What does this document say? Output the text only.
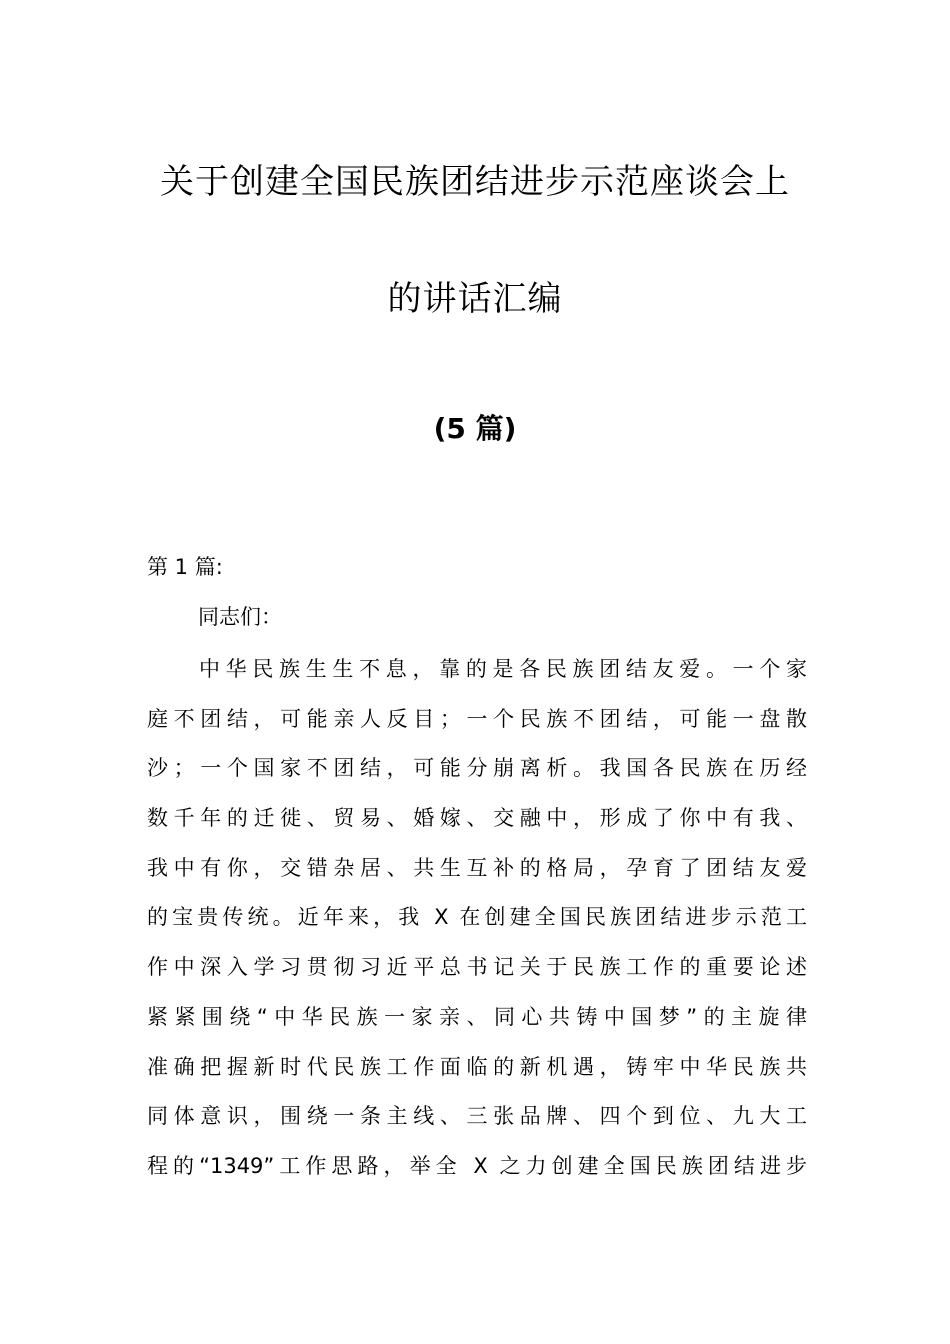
关于创建全国民族团结进步示范座谈会上
的讲话汇编
(5 篇)
第 1 篇:
同志们：
中华民族生生不息，靠的是各民族团结友爱。一个家
庭不团结，可能亲人反目；一个民族不团结，可能一盘散
沙；一个国家不团结，可能分崩离析。我国各民族在历经
数千年的迁徙、贸易、婚嫁、交融中，形成了你中有我、
我中有你，交错杂居、共生互补的格局，孕育了团结友爱
的宝贵传统。近年来，我 X 在创建全国民族团结进步示范工
作中深入学习贯彻习近平总书记关于民族工作的重要论述
紧紧围绕“中华民族一家亲、同心共铸中国梦”的主旋律
准确把握新时代民族工作面临的新机遇，铸牢中华民族共
同体意识，围绕一条主线、三张品牌、四个到位、九大工
程的“1349”工作思路，举全 X 之力创建全国民族团结进步
